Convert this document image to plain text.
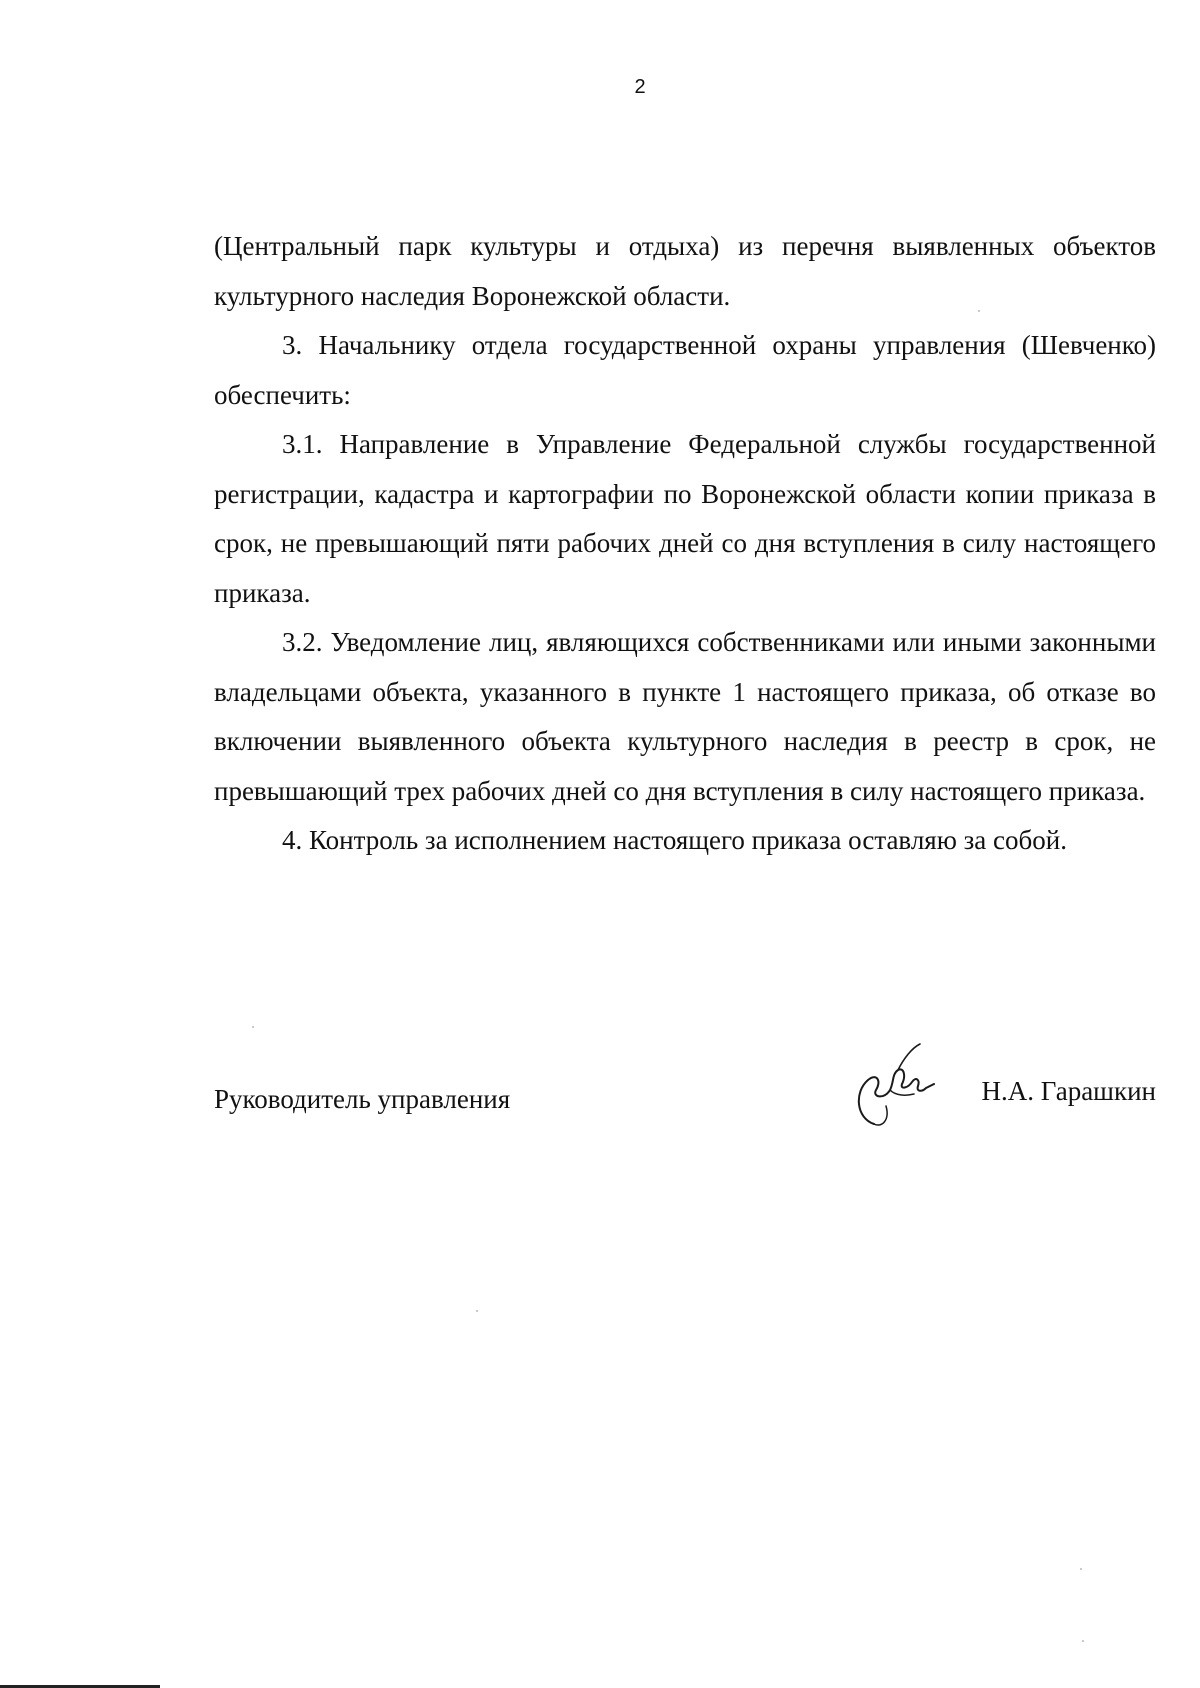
2

(Центральный парк культуры и отдыха) из перечня выявленных объектов культурного наследия Воронежской области.

3. Начальнику отдела государственной охраны управления (Шевченко) обеспечить:

3.1. Направление в Управление Федеральной службы государственной регистрации, кадастра и картографии по Воронежской области копии приказа в срок, не превышающий пяти рабочих дней со дня вступления в силу настоящего приказа.

3.2. Уведомление лиц, являющихся собственниками или иными законными владельцами объекта, указанного в пункте 1 настоящего приказа, об отказе во включении выявленного объекта культурного наследия в реестр в срок, не превышающий трех рабочих дней со дня вступления в силу настоящего приказа.

4. Контроль за исполнением настоящего приказа оставляю за собой.

Руководитель управления	Н.А. Гарашкин
